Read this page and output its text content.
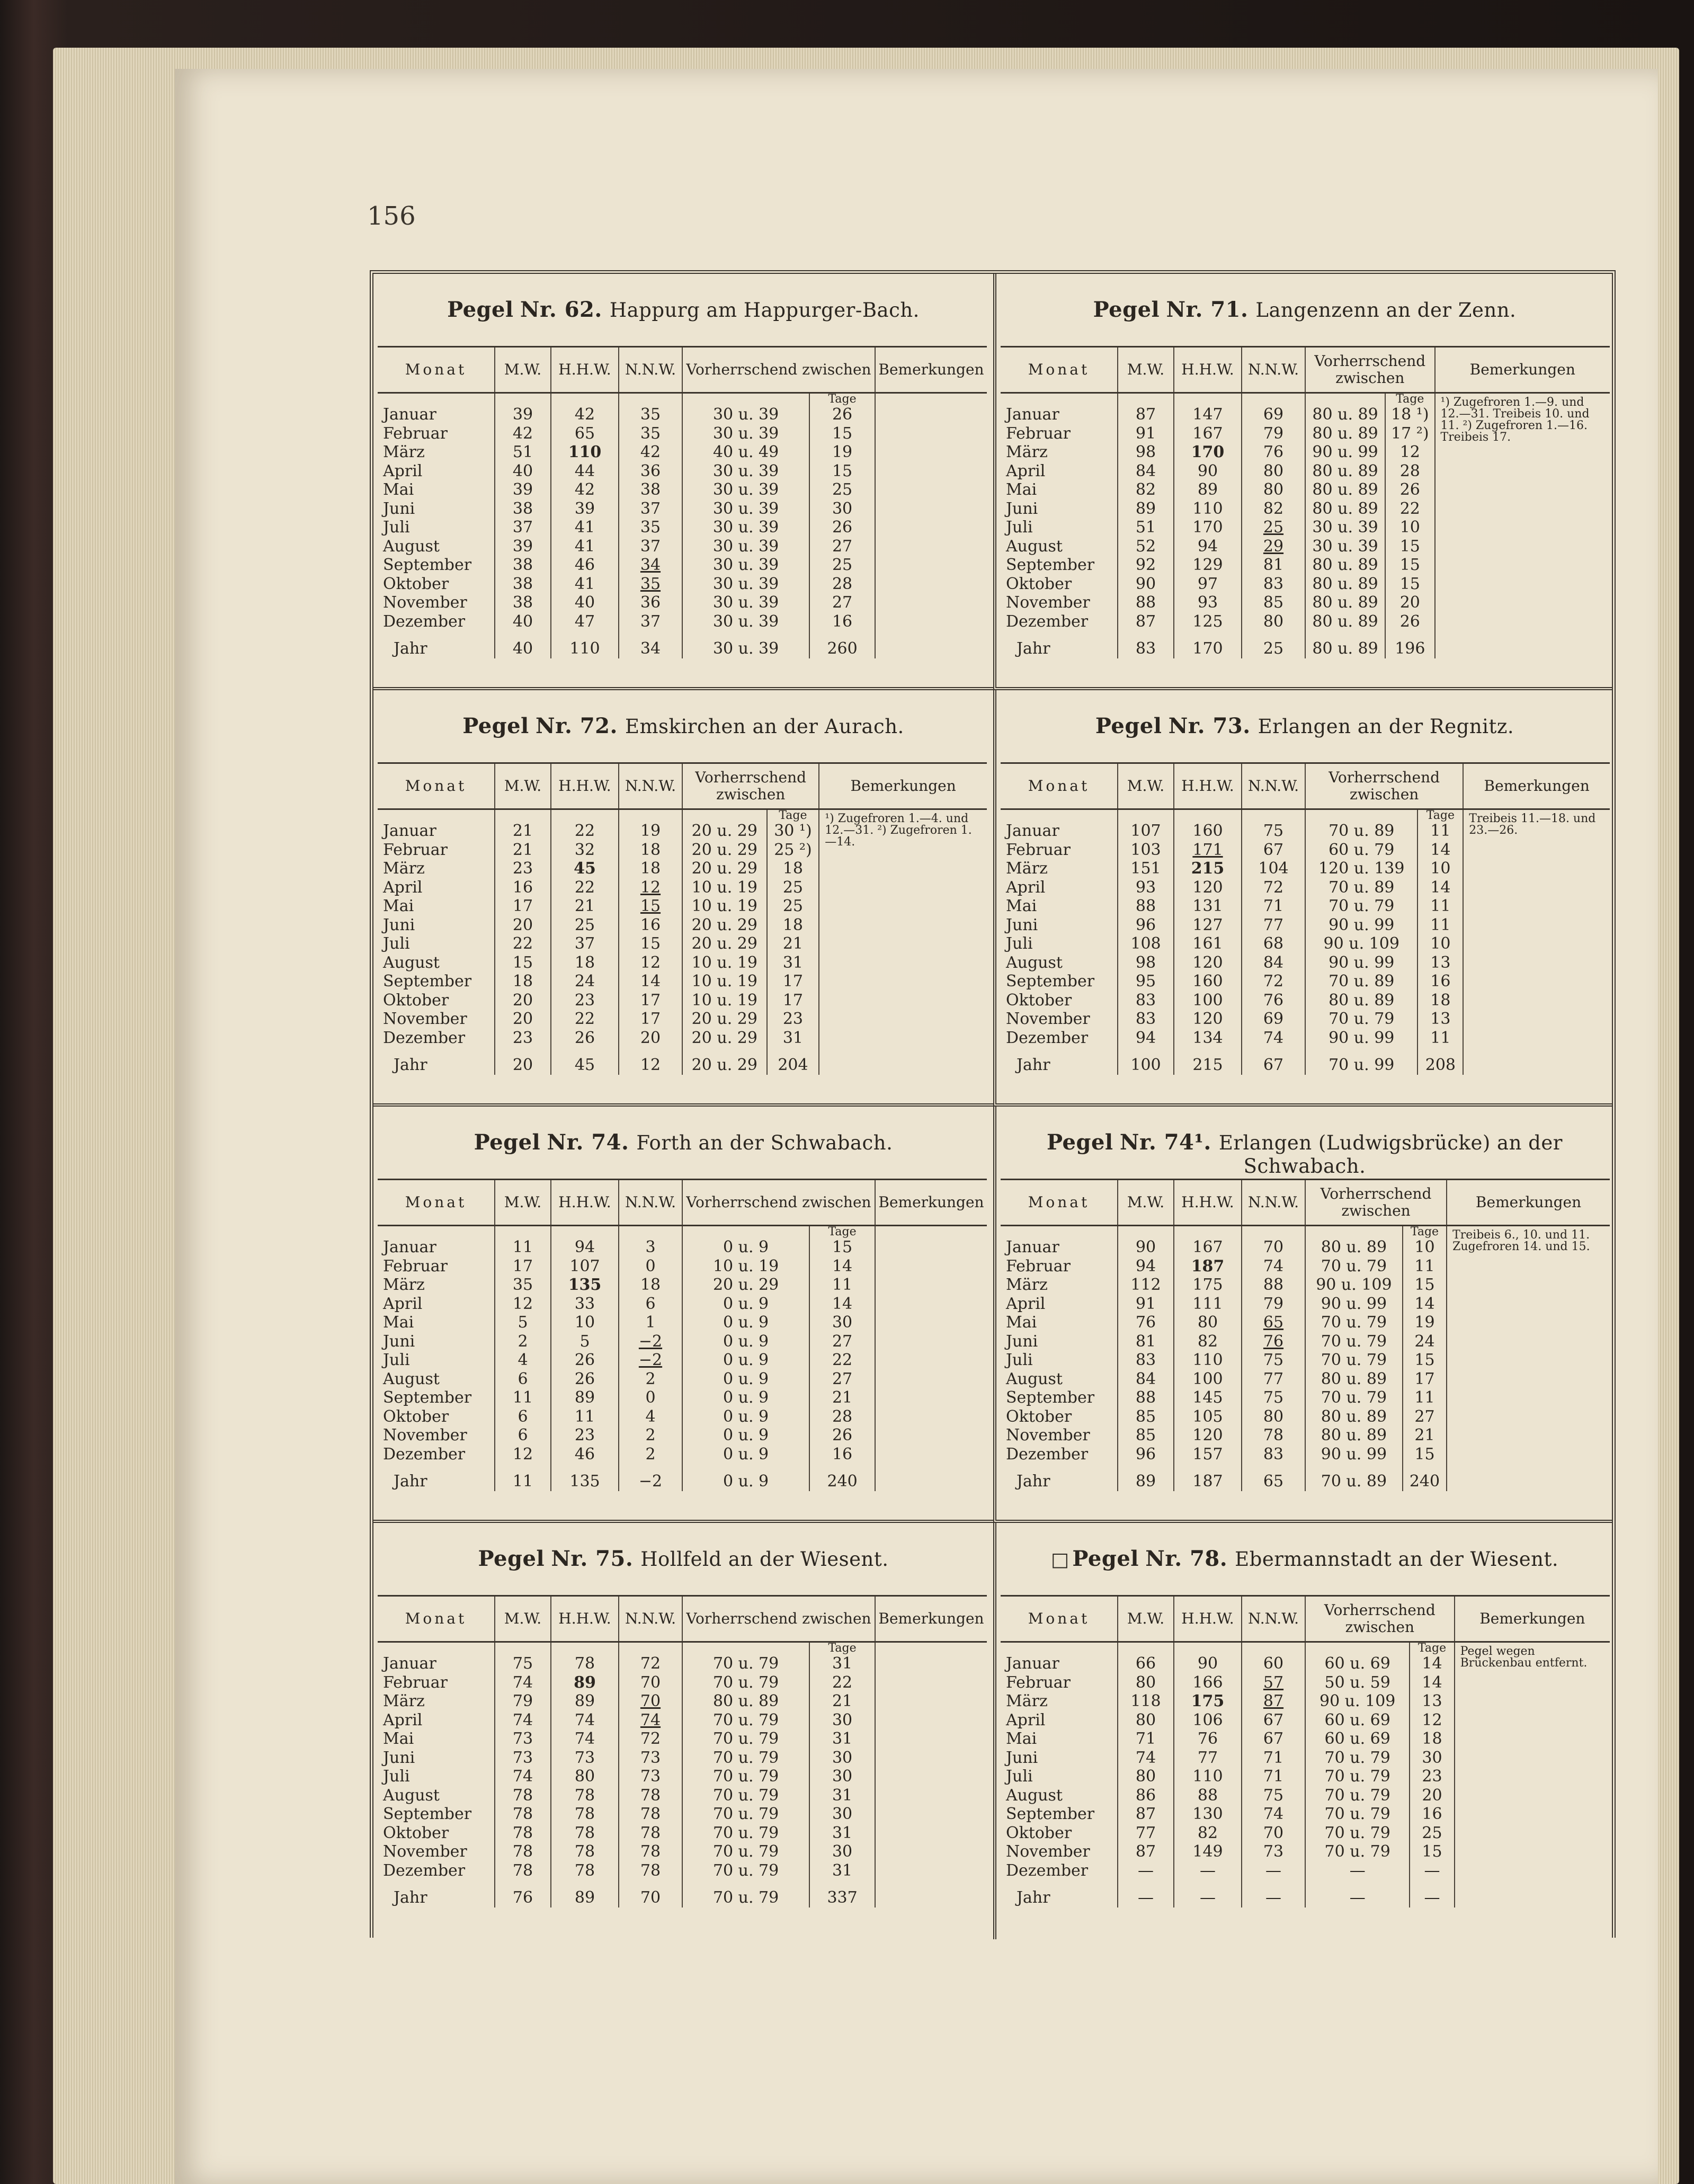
156
Pegel Nr. 62. Happurg am Happurger-Bach.
Monat	M.W.	H.H.W.	N.N.W.	Vorherrschend zwischen		Bemerkungen
					Tage	
Januar	39	42	35	30 u. 39	26	
Februar	42	65	35	30 u. 39	15	
März	51	110	42	40 u. 49	19	
April	40	44	36	30 u. 39	15	
Mai	39	42	38	30 u. 39	25	
Juni	38	39	37	30 u. 39	30	
Juli	37	41	35	30 u. 39	26	
August	39	41	37	30 u. 39	27	
September	38	46	34	30 u. 39	25	
Oktober	38	41	35	30 u. 39	28	
November	38	40	36	30 u. 39	27	
Dezember	40	47	37	30 u. 39	16	
Jahr	40	110	34	30 u. 39	260	
Pegel Nr. 71. Langenzenn an der Zenn.
Monat	M.W.	H.H.W.	N.N.W.	Vorherrschend zwischen		Bemerkungen
					Tage	¹) Zugefroren 1.—9. und 12.—31. Treibeis 10. und 11. ²) Zugefroren 1.—16. Treibeis 17.
Januar	87	147	69	80 u. 89	18 ¹)	
Februar	91	167	79	80 u. 89	17 ²)	
März	98	170	76	90 u. 99	12	
April	84	90	80	80 u. 89	28	
Mai	82	89	80	80 u. 89	26	
Juni	89	110	82	80 u. 89	22	
Juli	51	170	25	30 u. 39	10	
August	52	94	29	30 u. 39	15	
September	92	129	81	80 u. 89	15	
Oktober	90	97	83	80 u. 89	15	
November	88	93	85	80 u. 89	20	
Dezember	87	125	80	80 u. 89	26	
Jahr	83	170	25	80 u. 89	196	
Pegel Nr. 72. Emskirchen an der Aurach.
Monat	M.W.	H.H.W.	N.N.W.	Vorherrschend zwischen		Bemerkungen
					Tage	¹) Zugefroren 1.—4. und 12.—31. ²) Zugefroren 1.—14.
Januar	21	22	19	20 u. 29	30 ¹)	
Februar	21	32	18	20 u. 29	25 ²)	
März	23	45	18	20 u. 29	18	
April	16	22	12	10 u. 19	25	
Mai	17	21	15	10 u. 19	25	
Juni	20	25	16	20 u. 29	18	
Juli	22	37	15	20 u. 29	21	
August	15	18	12	10 u. 19	31	
September	18	24	14	10 u. 19	17	
Oktober	20	23	17	10 u. 19	17	
November	20	22	17	20 u. 29	23	
Dezember	23	26	20	20 u. 29	31	
Jahr	20	45	12	20 u. 29	204	
Pegel Nr. 73. Erlangen an der Regnitz.
Monat	M.W.	H.H.W.	N.N.W.	Vorherrschend zwischen		Bemerkungen
					Tage	Treibeis 11.—18. und 23.—26.
Januar	107	160	75	70 u. 89	11	
Februar	103	171	67	60 u. 79	14	
März	151	215	104	120 u. 139	10	
April	93	120	72	70 u. 89	14	
Mai	88	131	71	70 u. 79	11	
Juni	96	127	77	90 u. 99	11	
Juli	108	161	68	90 u. 109	10	
August	98	120	84	90 u. 99	13	
September	95	160	72	70 u. 89	16	
Oktober	83	100	76	80 u. 89	18	
November	83	120	69	70 u. 79	13	
Dezember	94	134	74	90 u. 99	11	
Jahr	100	215	67	70 u. 99	208	
Pegel Nr. 74. Forth an der Schwabach.
Monat	M.W.	H.H.W.	N.N.W.	Vorherrschend zwischen		Bemerkungen
					Tage	
Januar	11	94	3	0 u. 9	15	
Februar	17	107	0	10 u. 19	14	
März	35	135	18	20 u. 29	11	
April	12	33	6	0 u. 9	14	
Mai	5	10	1	0 u. 9	30	
Juni	2	5	−2	0 u. 9	27	
Juli	4	26	−2	0 u. 9	22	
August	6	26	2	0 u. 9	27	
September	11	89	0	0 u. 9	21	
Oktober	6	11	4	0 u. 9	28	
November	6	23	2	0 u. 9	26	
Dezember	12	46	2	0 u. 9	16	
Jahr	11	135	−2	0 u. 9	240	
Pegel Nr. 74¹. Erlangen (Ludwigsbrücke) an der Schwabach.
Monat	M.W.	H.H.W.	N.N.W.	Vorherrschend zwischen		Bemerkungen
					Tage	Treibeis 6., 10. und 11. Zugefroren 14. und 15.
Januar	90	167	70	80 u. 89	10	
Februar	94	187	74	70 u. 79	11	
März	112	175	88	90 u. 109	15	
April	91	111	79	90 u. 99	14	
Mai	76	80	65	70 u. 79	19	
Juni	81	82	76	70 u. 79	24	
Juli	83	110	75	70 u. 79	15	
August	84	100	77	80 u. 89	17	
September	88	145	75	70 u. 79	11	
Oktober	85	105	80	80 u. 89	27	
November	85	120	78	80 u. 89	21	
Dezember	96	157	83	90 u. 99	15	
Jahr	89	187	65	70 u. 89	240	
Pegel Nr. 75. Hollfeld an der Wiesent.
Monat	M.W.	H.H.W.	N.N.W.	Vorherrschend zwischen		Bemerkungen
					Tage	
Januar	75	78	72	70 u. 79	31	
Februar	74	89	70	70 u. 79	22	
März	79	89	70	80 u. 89	21	
April	74	74	74	70 u. 79	30	
Mai	73	74	72	70 u. 79	31	
Juni	73	73	73	70 u. 79	30	
Juli	74	80	73	70 u. 79	30	
August	78	78	78	70 u. 79	31	
September	78	78	78	70 u. 79	30	
Oktober	78	78	78	70 u. 79	31	
November	78	78	78	70 u. 79	30	
Dezember	78	78	78	70 u. 79	31	
Jahr	76	89	70	70 u. 79	337	
□ Pegel Nr. 78. Ebermannstadt an der Wiesent.
Monat	M.W.	H.H.W.	N.N.W.	Vorherrschend zwischen		Bemerkungen
					Tage	Pegel wegen Brückenbau entfernt.
Januar	66	90	60	60 u. 69	14	
Februar	80	166	57	50 u. 59	14	
März	118	175	87	90 u. 109	13	
April	80	106	67	60 u. 69	12	
Mai	71	76	67	60 u. 69	18	
Juni	74	77	71	70 u. 79	30	
Juli	80	110	71	70 u. 79	23	
August	86	88	75	70 u. 79	20	
September	87	130	74	70 u. 79	16	
Oktober	77	82	70	70 u. 79	25	
November	87	149	73	70 u. 79	15	
Dezember	—	—	—	—	—	
Jahr	—	—	—	—	—	
